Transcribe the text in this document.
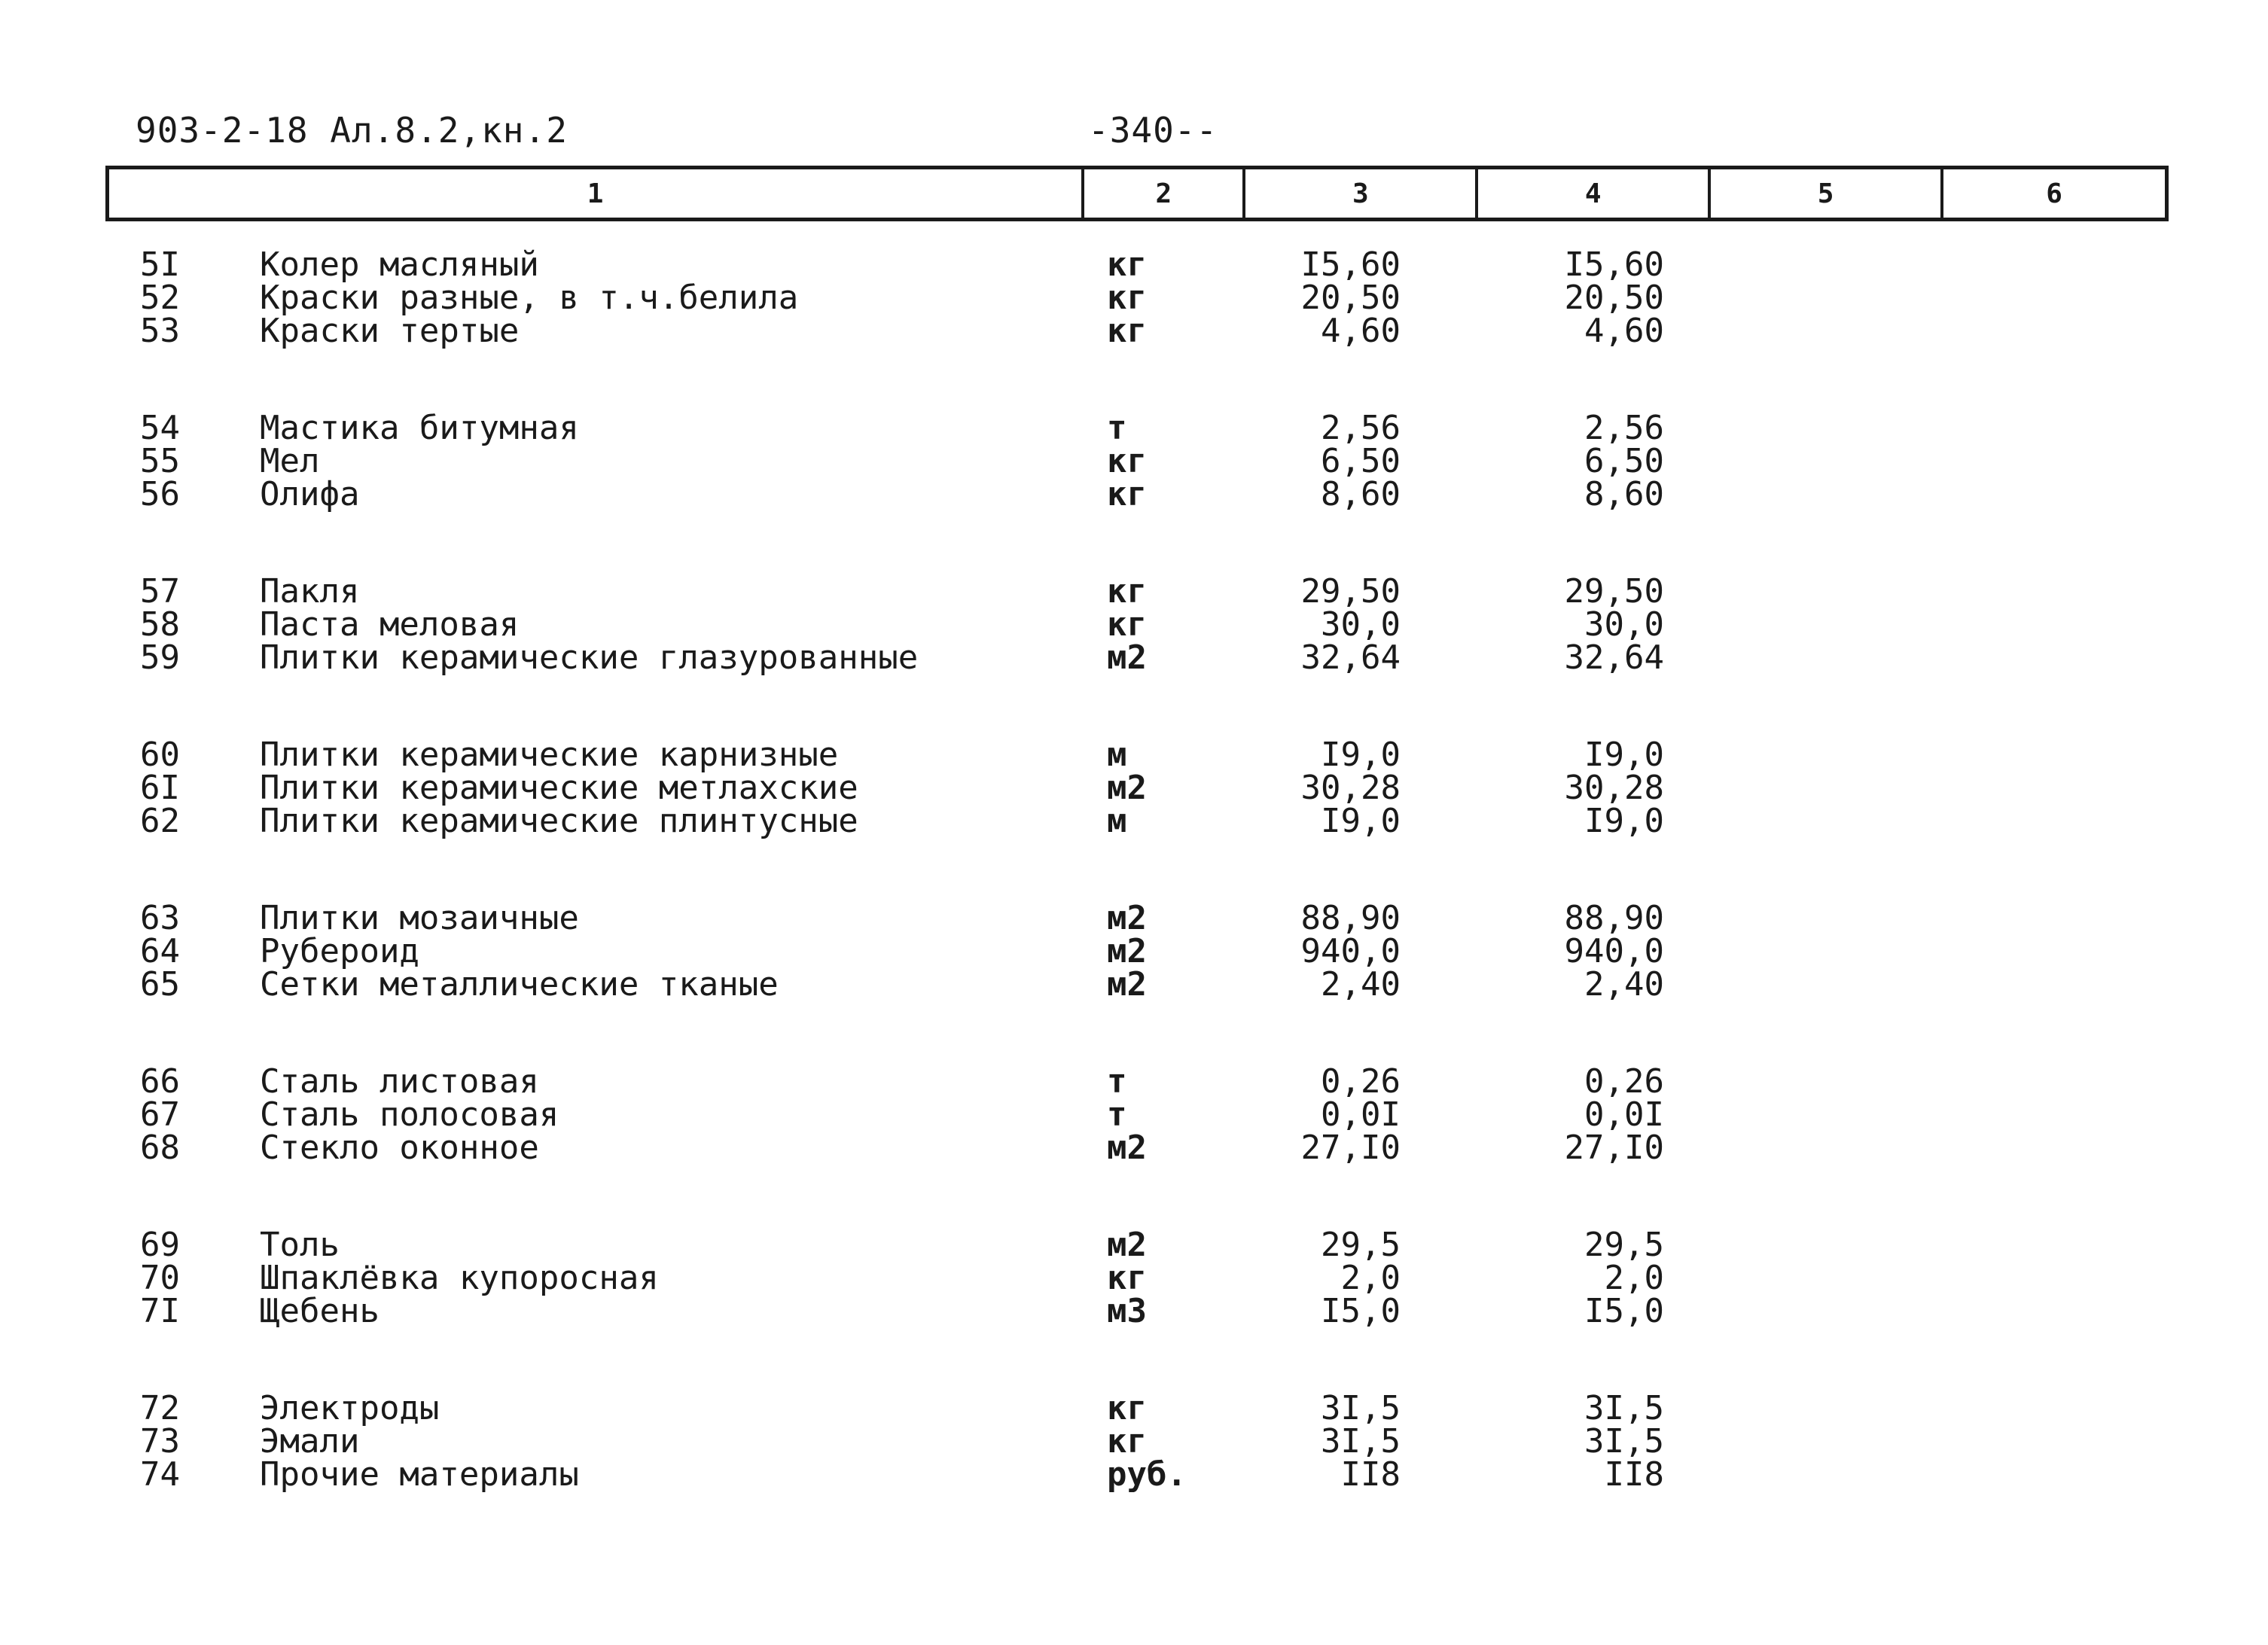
903-2-18 Ал.8.2,кн.2	-340--
1	2	3	4	5	6
5I Колер масляный	кг	I5,60	I5,60
52 Краски разные, в т.ч.белила	кг	20,50	20,50
53 Краски тертые	кг	4,60	4,60
54 Мастика битумная	т	2,56	2,56
55 Мел	кг	6,50	6,50
56 Олифа	кг	8,60	8,60
57 Пакля	кг	29,50	29,50
58 Паста меловая	кг	30,0	30,0
59 Плитки керамические глазурованные	м2	32,64	32,64
60 Плитки керамические карнизные	м	I9,0	I9,0
6I Плитки керамические метлахские	м2	30,28	30,28
62 Плитки керамические плинтусные	м	I9,0	I9,0
63 Плитки мозаичные	м2	88,90	88,90
64 Рубероид	м2	940,0	940,0
65 Сетки металлические тканые	м2	2,40	2,40
66 Сталь листовая	т	0,26	0,26
67 Сталь полосовая	т	0,0I	0,0I
68 Стекло оконное	м2	27,I0	27,I0
69 Толь	м2	29,5	29,5
70 Шпаклёвка купоросная	кг	2,0	2,0
7I Щебень	м3	I5,0	I5,0
72 Электроды	кг	3I,5	3I,5
73 Эмали	кг	3I,5	3I,5
74 Прочие материалы	руб.	II8	II8
